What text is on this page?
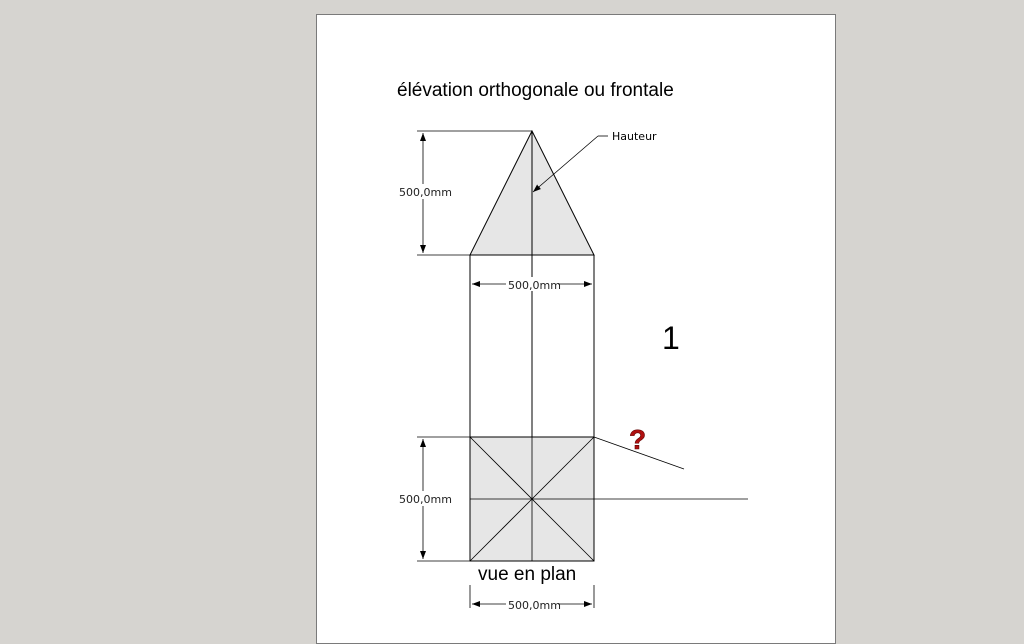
élévation orthogonale ou frontale
500,0mm
Hauteur
500,0mm
1
?
500,0mm
vue en plan
500,0mm
